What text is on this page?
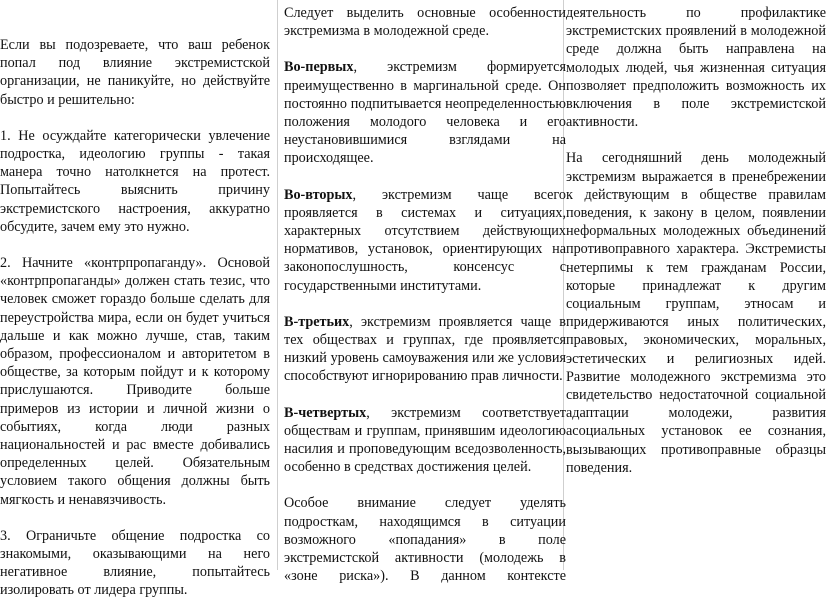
Если вы подозреваете, что ваш ребенок попал под влияние экстремистской организации, не паникуйте, но действуйте быстро и решительно:

1. Не осуждайте категорически увлечение подростка, идеологию группы - такая манера точно натолкнется на протест. Попытайтесь выяснить причину экстремистского настроения, аккуратно обсудите, зачем ему это нужно.

2. Начните «контрпропаганду». Основой «контрпропаганды» должен стать тезис, что человек сможет гораздо больше сделать для переустройства мира, если он будет учиться дальше и как можно лучше, став, таким образом, профессионалом и авторитетом в обществе, за которым пойдут и к которому прислушаются. Приводите больше примеров из истории и личной жизни о событиях, когда люди разных национальностей и рас вместе добивались определенных целей. Обязательным условием такого общения должны быть мягкость и ненавязчивость.

3. Ограничьте общение подростка со знакомыми, оказывающими на него негативное влияние, попытайтесь изолировать от лидера группы.

Следует выделить основные особенности экстремизма в молодежной среде.

Во-первых, экстремизм формируется преимущественно в маргинальной среде. Он постоянно подпитывается неопределенностью положения молодого человека и его неустановившимися взглядами на происходящее.

Во-вторых, экстремизм чаще всего проявляется в системах и ситуациях, характерных отсутствием действующих нормативов, установок, ориентирующих на законопослушность, консенсус с государственными институтами.

В-третьих, экстремизм проявляется чаще в тех обществах и группах, где проявляется низкий уровень самоуважения или же условия способствуют игнорированию прав личности.

В-четвертых, экстремизм соответствует обществам и группам, принявшим идеологию насилия и проповедующим вседозволенность, особенно в средствах достижения целей.

Особое внимание следует уделять подросткам, находящимся в ситуации возможного «попадания» в поле экстремистской активности (молодежь в «зоне риска»). В данном контексте

деятельность по профилактике экстремистских проявлений в молодежной среде должна быть направлена на молодых людей, чья жизненная ситуация позволяет предположить возможность их включения в поле экстремистской активности.

На сегодняшний день молодежный экстремизм выражается в пренебрежении к действующим в обществе правилам поведения, к закону в целом, появлении неформальных молодежных объединений противоправного характера. Экстремисты нетерпимы к тем гражданам России, которые принадлежат к другим социальным группам, этносам и придерживаются иных политических, правовых, экономических, моральных, эстетических и религиозных идей. Развитие молодежного экстремизма это свидетельство недостаточной социальной адаптации молодежи, развития асоциальных установок ее сознания, вызывающих противоправные образцы поведения.
